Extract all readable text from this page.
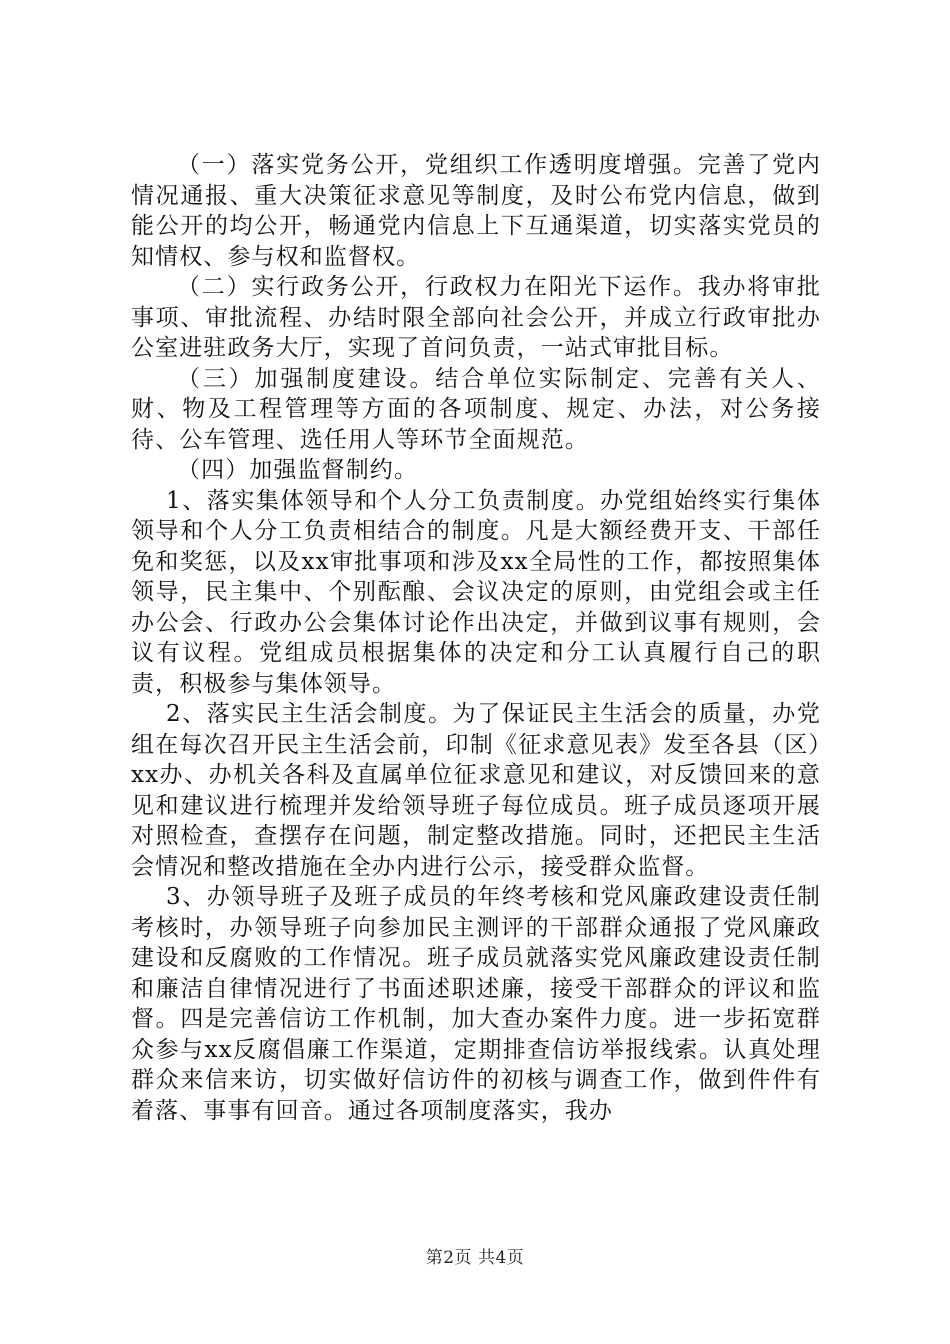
（一）落实党务公开，党组织工作透明度增强。完善了党内情况通报、重大决策征求意见等制度，及时公布党内信息，做到能公开的均公开，畅通党内信息上下互通渠道，切实落实党员的知情权、参与权和监督权。

（二）实行政务公开，行政权力在阳光下运作。我办将审批事项、审批流程、办结时限全部向社会公开，并成立行政审批办公室进驻政务大厅，实现了首问负责，一站式审批目标。

（三）加强制度建设。结合单位实际制定、完善有关人、财、物及工程管理等方面的各项制度、规定、办法，对公务接待、公车管理、选任用人等环节全面规范。

（四）加强监督制约。

1、落实集体领导和个人分工负责制度。办党组始终实行集体领导和个人分工负责相结合的制度。凡是大额经费开支、干部任免和奖惩，以及xx审批事项和涉及xx全局性的工作，都按照集体领导，民主集中、个别酝酿、会议决定的原则，由党组会或主任办公会、行政办公会集体讨论作出决定，并做到议事有规则，会议有议程。党组成员根据集体的决定和分工认真履行自己的职责，积极参与集体领导。

2、落实民主生活会制度。为了保证民主生活会的质量，办党组在每次召开民主生活会前，印制《征求意见表》发至各县（区）xx办、办机关各科及直属单位征求意见和建议，对反馈回来的意见和建议进行梳理并发给领导班子每位成员。班子成员逐项开展对照检查，查摆存在问题，制定整改措施。同时，还把民主生活会情况和整改措施在全办内进行公示，接受群众监督。

3、办领导班子及班子成员的年终考核和党风廉政建设责任制考核时，办领导班子向参加民主测评的干部群众通报了党风廉政建设和反腐败的工作情况。班子成员就落实党风廉政建设责任制和廉洁自律情况进行了书面述职述廉，接受干部群众的评议和监督。四是完善信访工作机制，加大查办案件力度。进一步拓宽群众参与xx反腐倡廉工作渠道，定期排查信访举报线索。认真处理群众来信来访，切实做好信访件的初核与调查工作，做到件件有着落、事事有回音。通过各项制度落实，我办

第2页 共4页
